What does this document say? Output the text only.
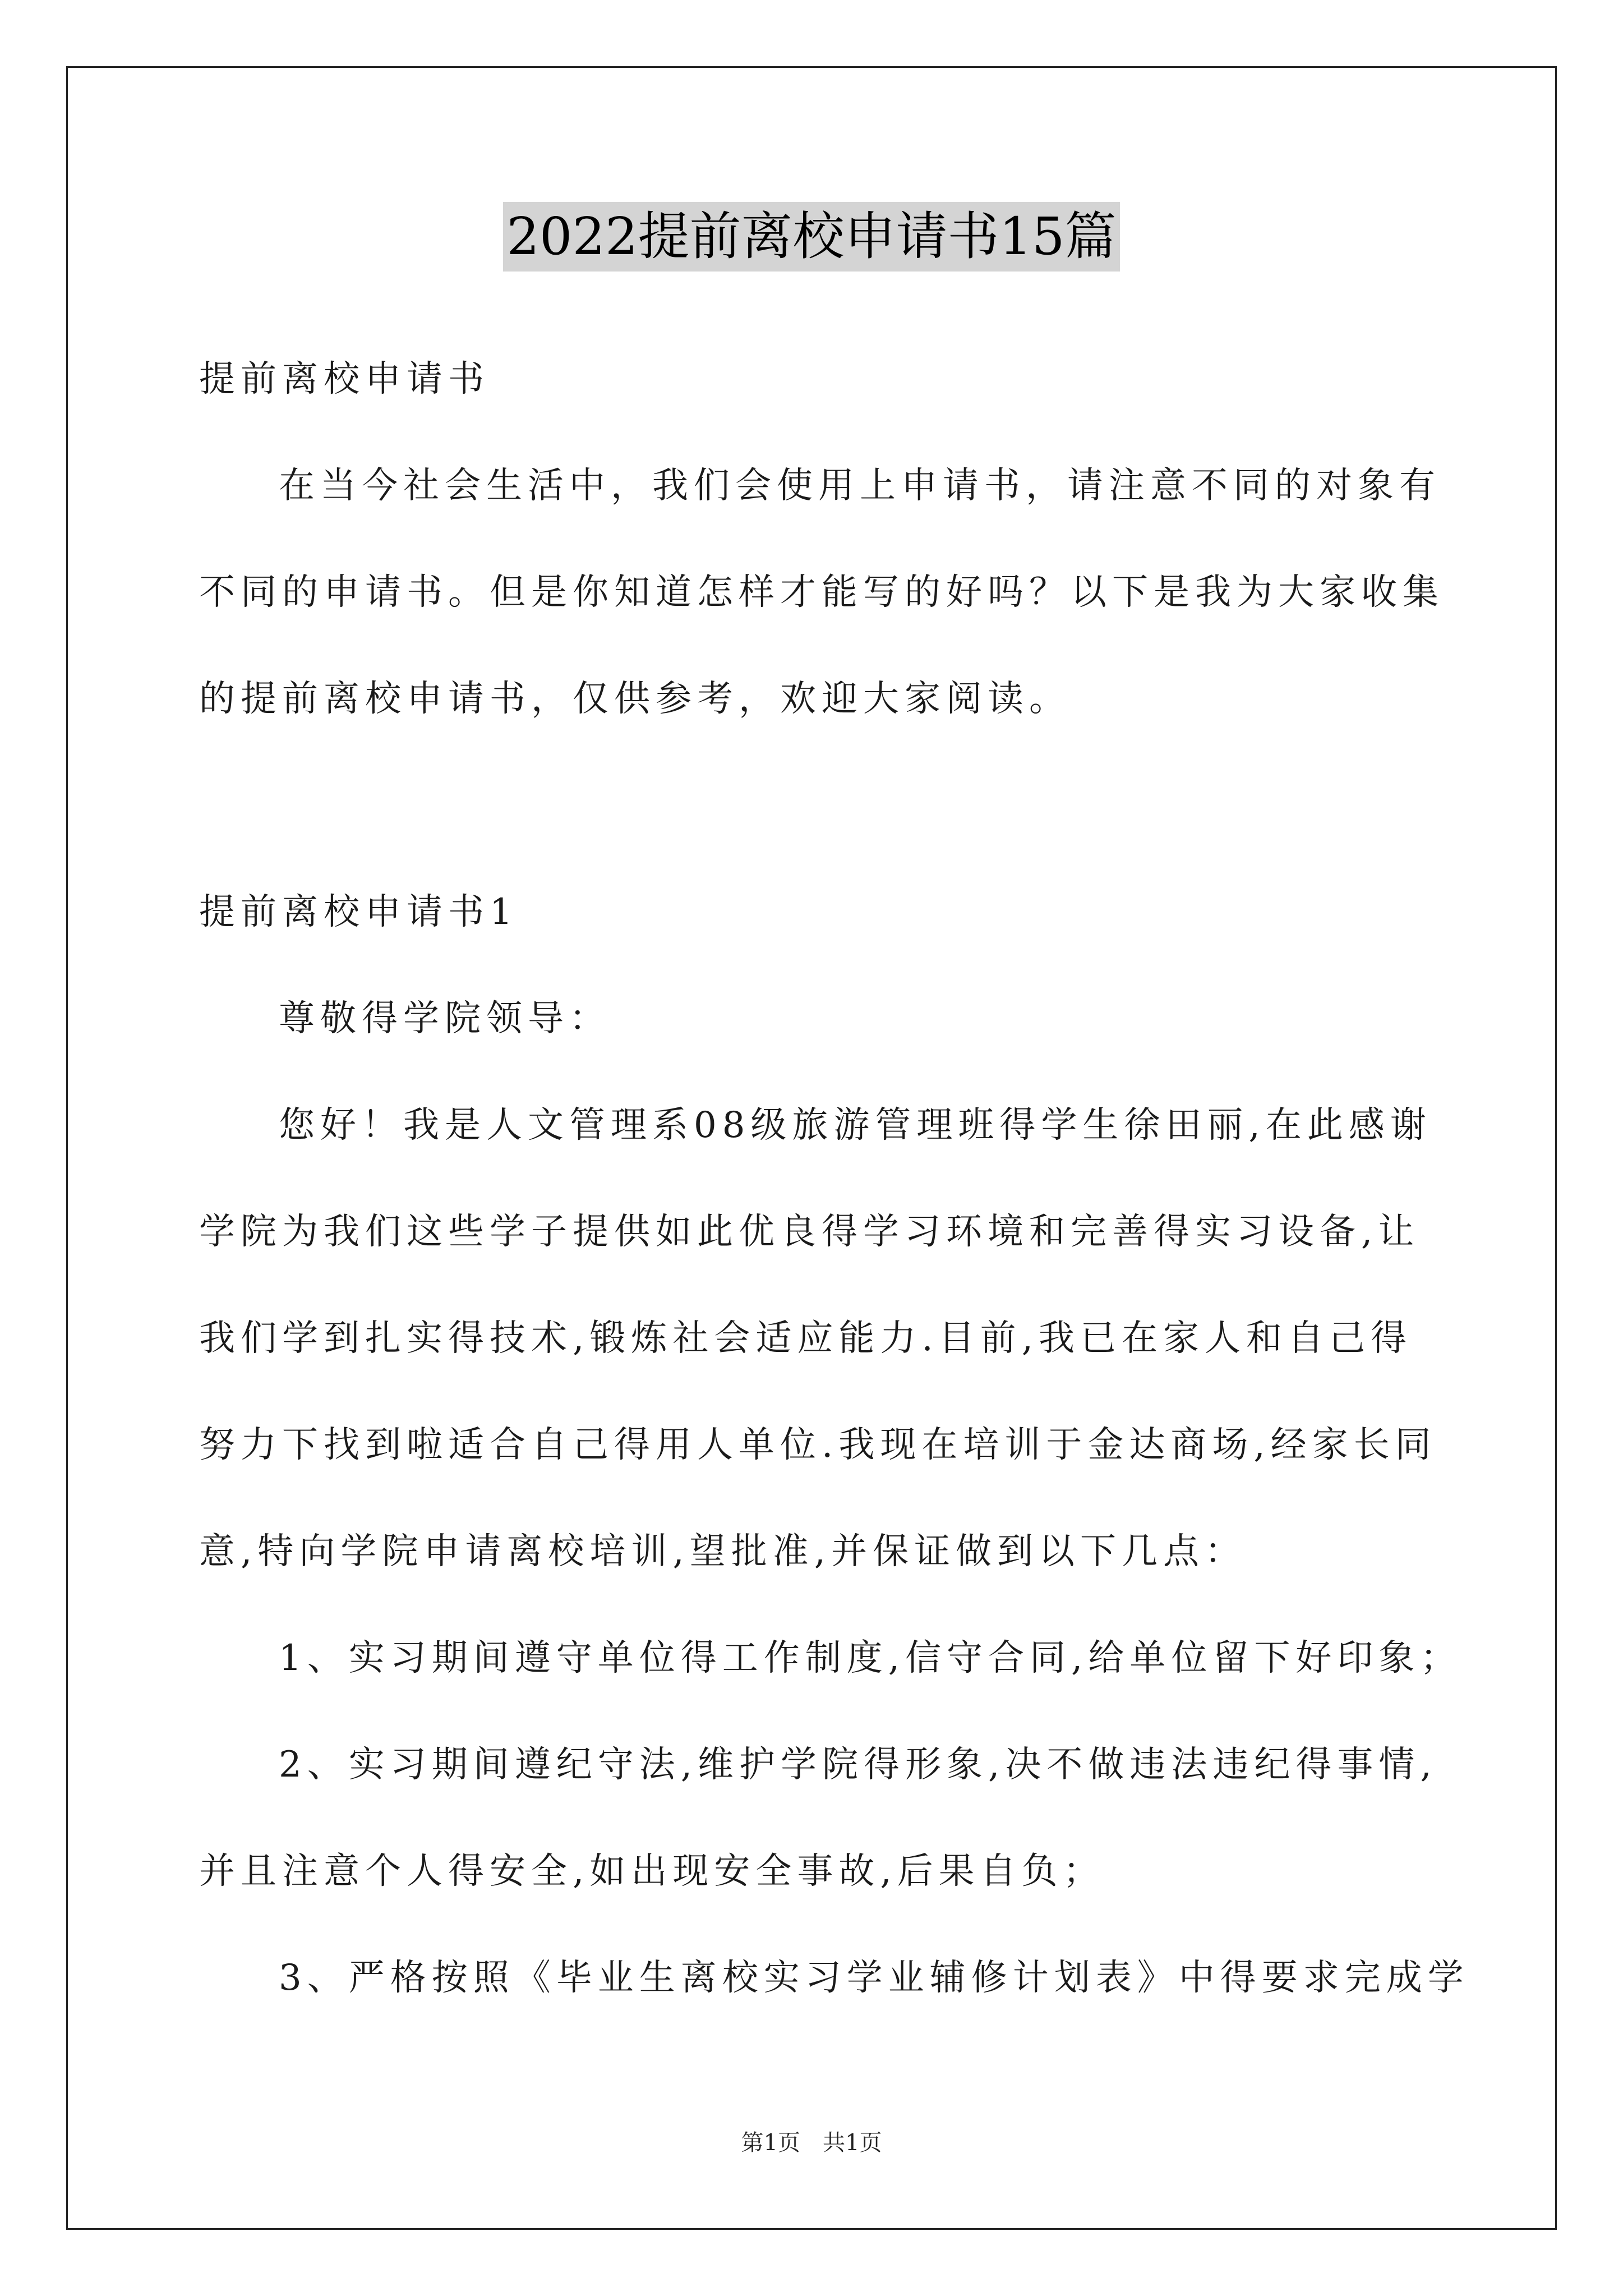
2022提前离校申请书15篇
提前离校申请书
在当今社会生活中，我们会使用上申请书，请注意不同的对象有
不同的申请书。但是你知道怎样才能写的好吗？以下是我为大家收集
的提前离校申请书，仅供参考，欢迎大家阅读。
提前离校申请书1
尊敬得学院领导：
您好！我是人文管理系08级旅游管理班得学生徐田丽,在此感谢
学院为我们这些学子提供如此优良得学习环境和完善得实习设备,让
我们学到扎实得技术,锻炼社会适应能力.目前,我已在家人和自己得
努力下找到啦适合自己得用人单位.我现在培训于金达商场,经家长同
意,特向学院申请离校培训,望批准,并保证做到以下几点：
1、实习期间遵守单位得工作制度,信守合同,给单位留下好印象；
2、实习期间遵纪守法,维护学院得形象,决不做违法违纪得事情,
并且注意个人得安全,如出现安全事故,后果自负；
3、严格按照《毕业生离校实习学业辅修计划表》中得要求完成学
第1页　共1页
